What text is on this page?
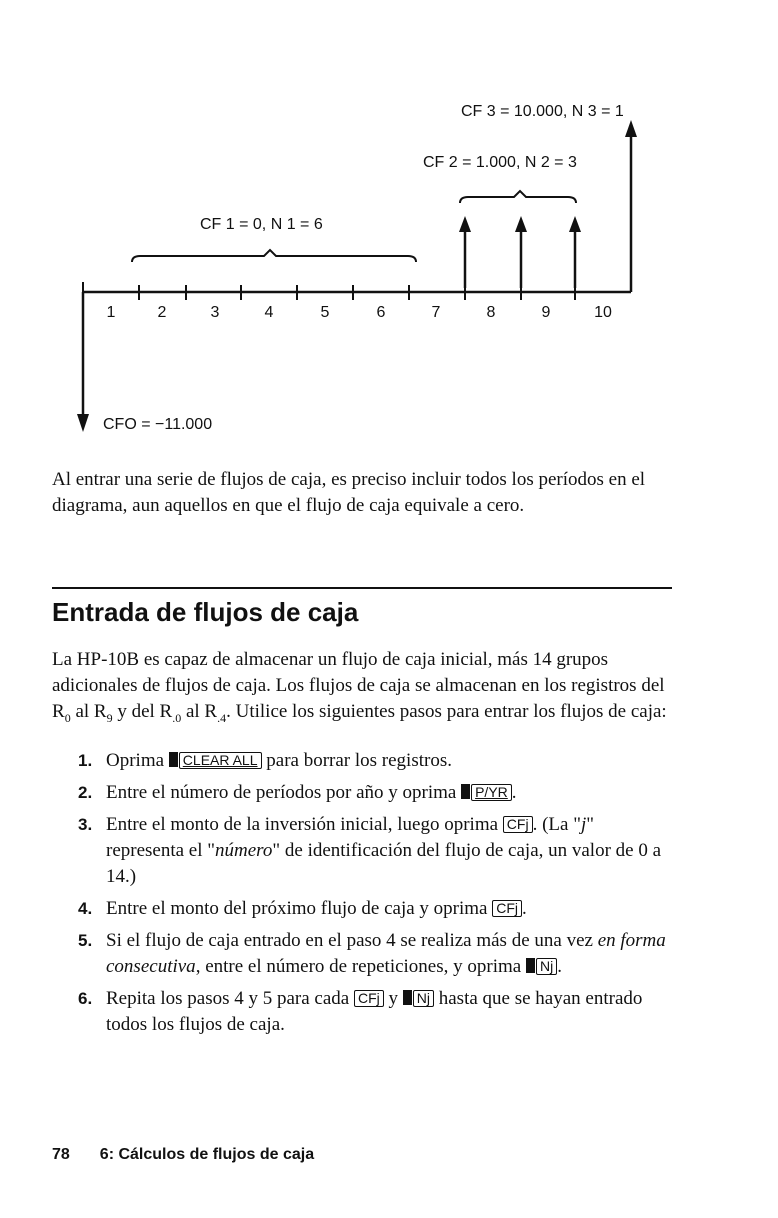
CF 3 = 10.000, N 3 = 1
CF 2 = 1.000, N 2 = 3
CF 1 = 0, N 1 = 6
CFO = −11.000
1	2	3	4	5	6	7	8	9	10

Al entrar una serie de flujos de caja, es preciso incluir todos los períodos en el diagrama, aun aquellos en que el flujo de caja equivale a cero.

Entrada de flujos de caja

La HP-10B es capaz de almacenar un flujo de caja inicial, más 14 grupos adicionales de flujos de caja. Los flujos de caja se almacenan en los registros del $R_0$ al $R_9$ y del $R_{.0}$ al $R_{.4}$. Utilice los siguientes pasos para entrar los flujos de caja:

1. Oprima CLEAR ALL para borrar los registros.
2. Entre el número de períodos por año y oprima P/YR .
3. Entre el monto de la inversión inicial, luego oprima CFj . (La "j" representa el "número" de identificación del flujo de caja, un valor de 0 a 14.)
4. Entre el monto del próximo flujo de caja y oprima CFj .
5. Si el flujo de caja entrado en el paso 4 se realiza más de una vez en forma consecutiva, entre el número de repeticiones, y oprima Nj .
6. Repita los pasos 4 y 5 para cada CFj y Nj hasta que se hayan entrado todos los flujos de caja.
78 6: Cálculos de flujos de caja
